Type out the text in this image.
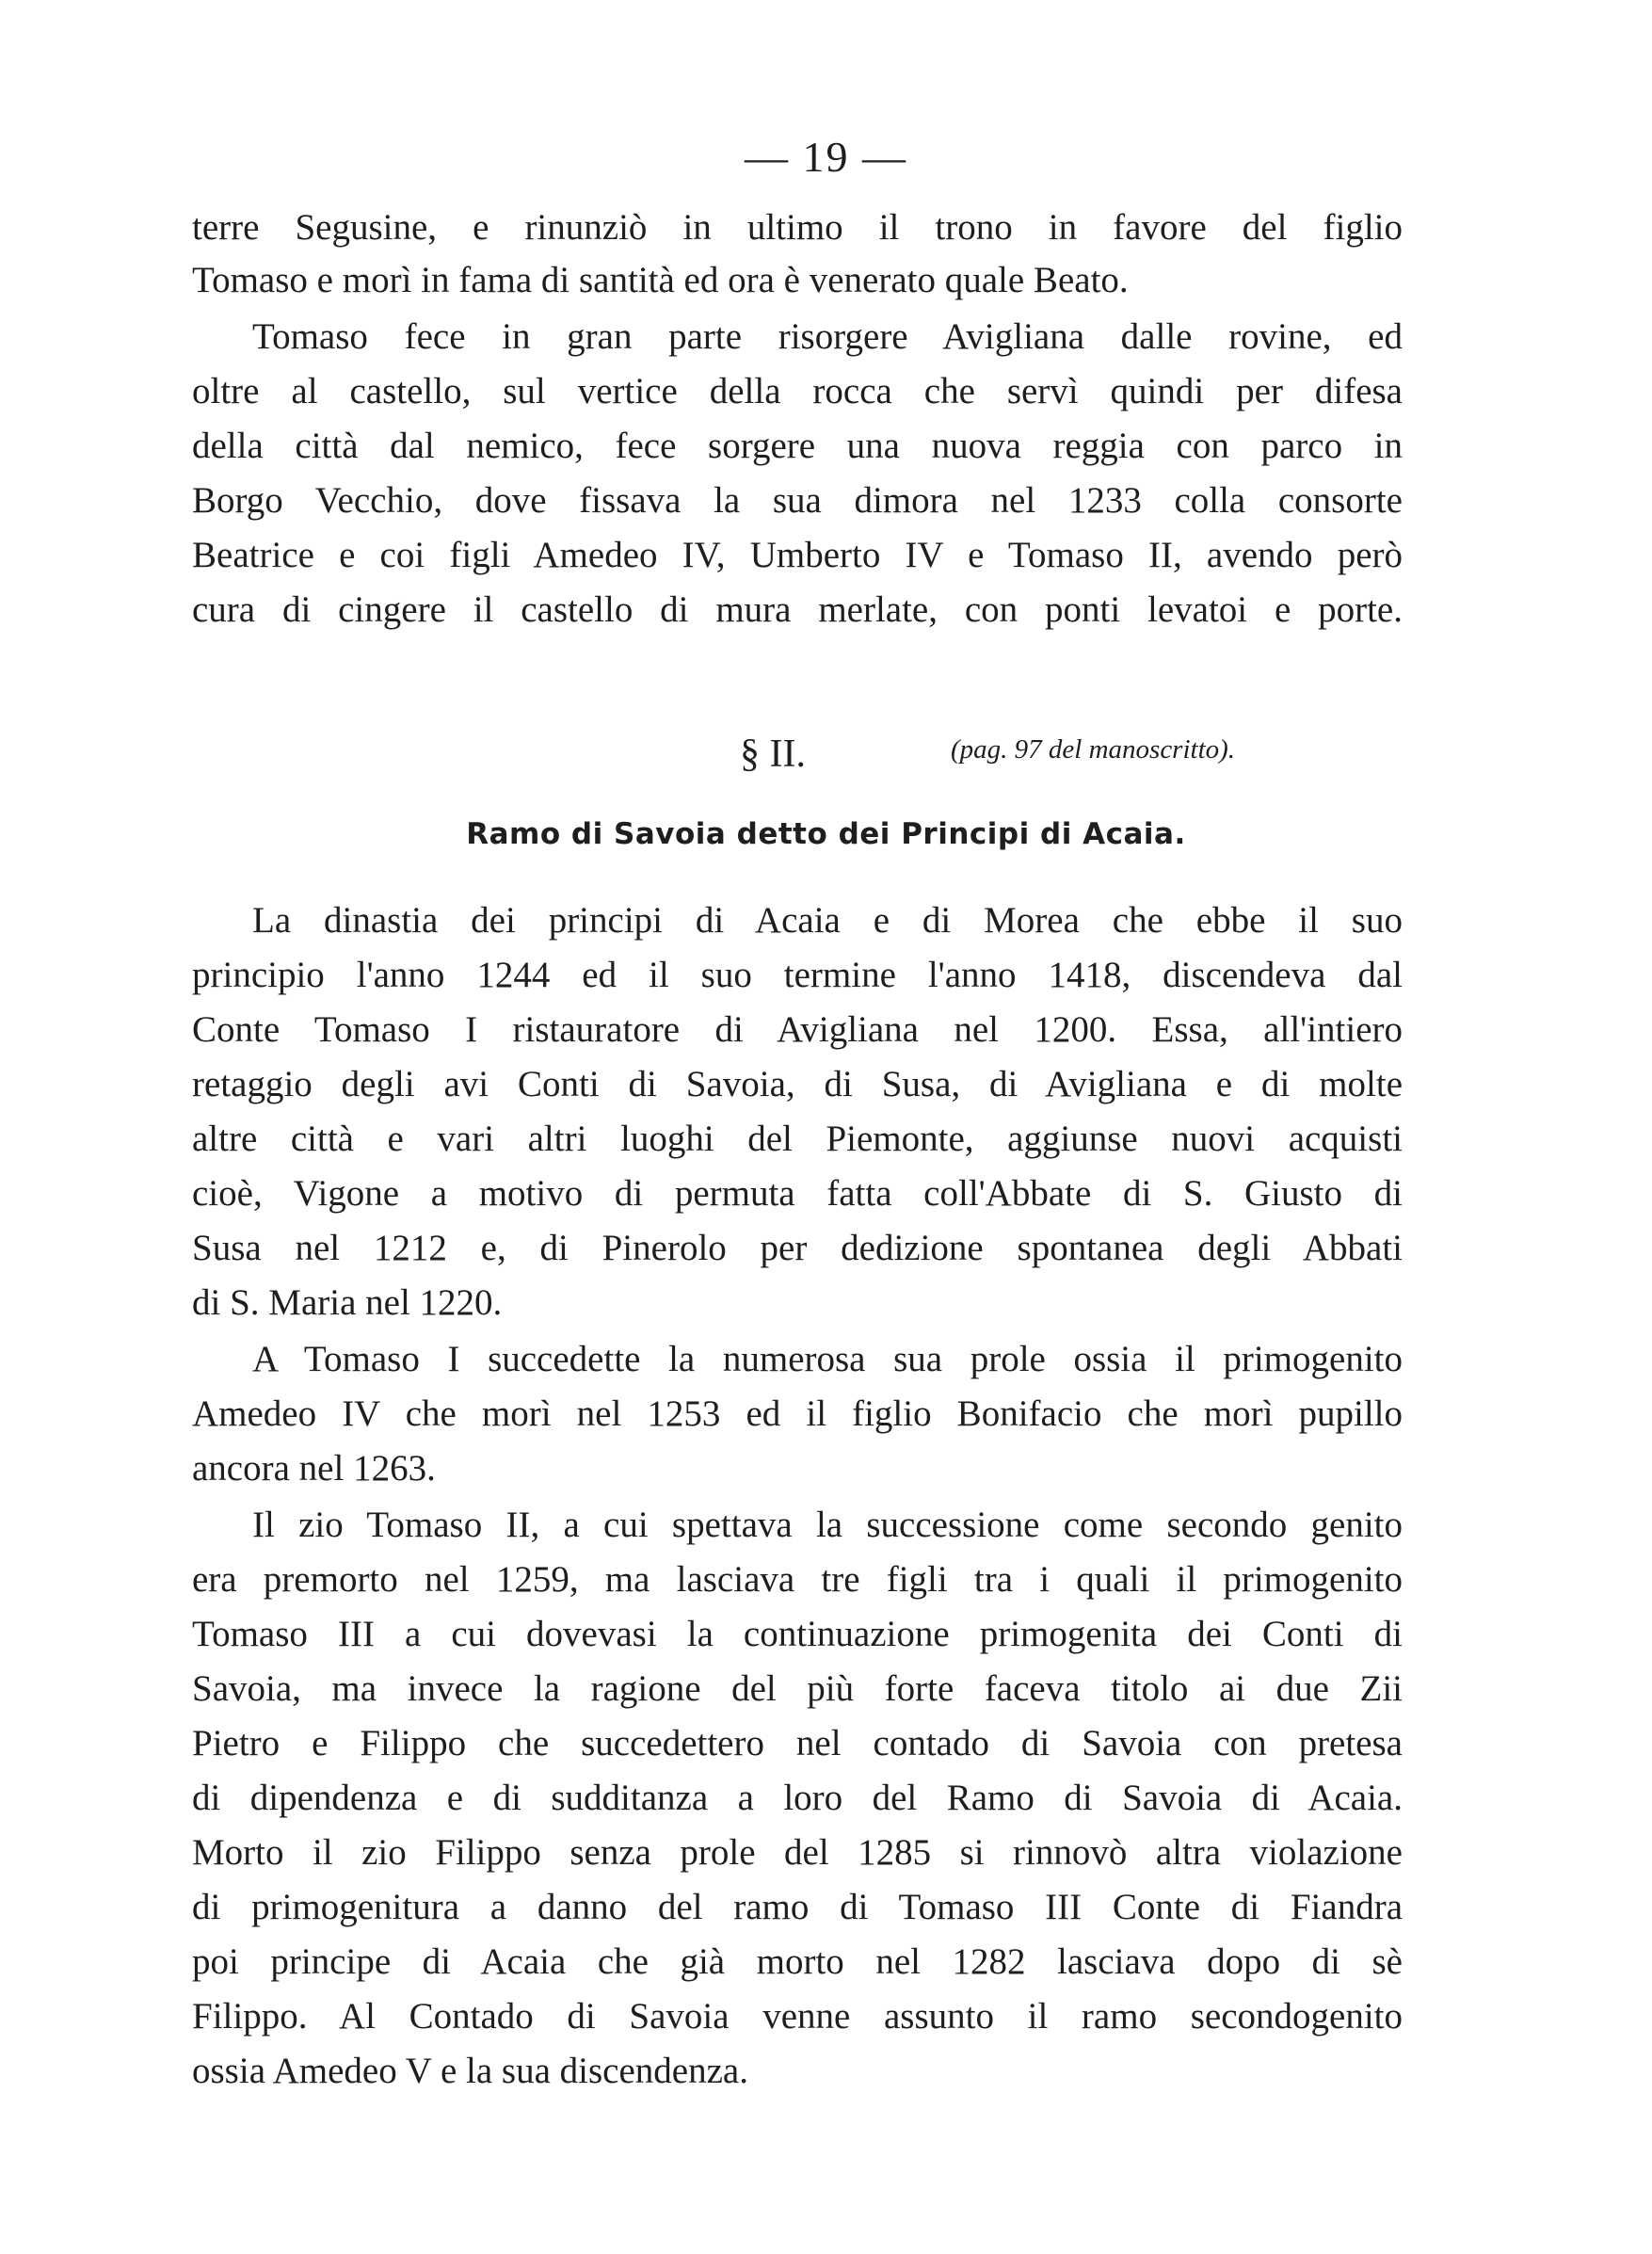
— 19 —
terre Segusine, e rinunziò in ultimo il trono in favore del figlio
Tomaso e morì in fama di santità ed ora è venerato quale Beato.
Tomaso fece in gran parte risorgere Avigliana dalle rovine, ed
oltre al castello, sul vertice della rocca che servì quindi per difesa
della città dal nemico, fece sorgere una nuova reggia con parco in
Borgo Vecchio, dove fissava la sua dimora nel 1233 colla consorte
Beatrice e coi figli Amedeo IV, Umberto IV e Tomaso II, avendo però
cura di cingere il castello di mura merlate, con ponti levatoi e porte.
§ II.	(pag. 97 del manoscritto).
Ramo di Savoia detto dei Principi di Acaia.
La dinastia dei principi di Acaia e di Morea che ebbe il suo
principio l'anno 1244 ed il suo termine l'anno 1418, discendeva dal
Conte Tomaso I ristauratore di Avigliana nel 1200. Essa, all'intiero
retaggio degli avi Conti di Savoia, di Susa, di Avigliana e di molte
altre città e vari altri luoghi del Piemonte, aggiunse nuovi acquisti
cioè, Vigone a motivo di permuta fatta coll'Abbate di S. Giusto di
Susa nel 1212 e, di Pinerolo per dedizione spontanea degli Abbati
di S. Maria nel 1220.
A Tomaso I succedette la numerosa sua prole ossia il primogenito
Amedeo IV che morì nel 1253 ed il figlio Bonifacio che morì pupillo
ancora nel 1263.
Il zio Tomaso II, a cui spettava la successione come secondo genito
era premorto nel 1259, ma lasciava tre figli tra i quali il primogenito
Tomaso III a cui dovevasi la continuazione primogenita dei Conti di
Savoia, ma invece la ragione del più forte faceva titolo ai due Zii
Pietro e Filippo che succedettero nel contado di Savoia con pretesa
di dipendenza e di sudditanza a loro del Ramo di Savoia di Acaia.
Morto il zio Filippo senza prole del 1285 si rinnovò altra violazione
di primogenitura a danno del ramo di Tomaso III Conte di Fiandra
poi principe di Acaia che già morto nel 1282 lasciava dopo di sè
Filippo. Al Contado di Savoia venne assunto il ramo secondogenito
ossia Amedeo V e la sua discendenza.
